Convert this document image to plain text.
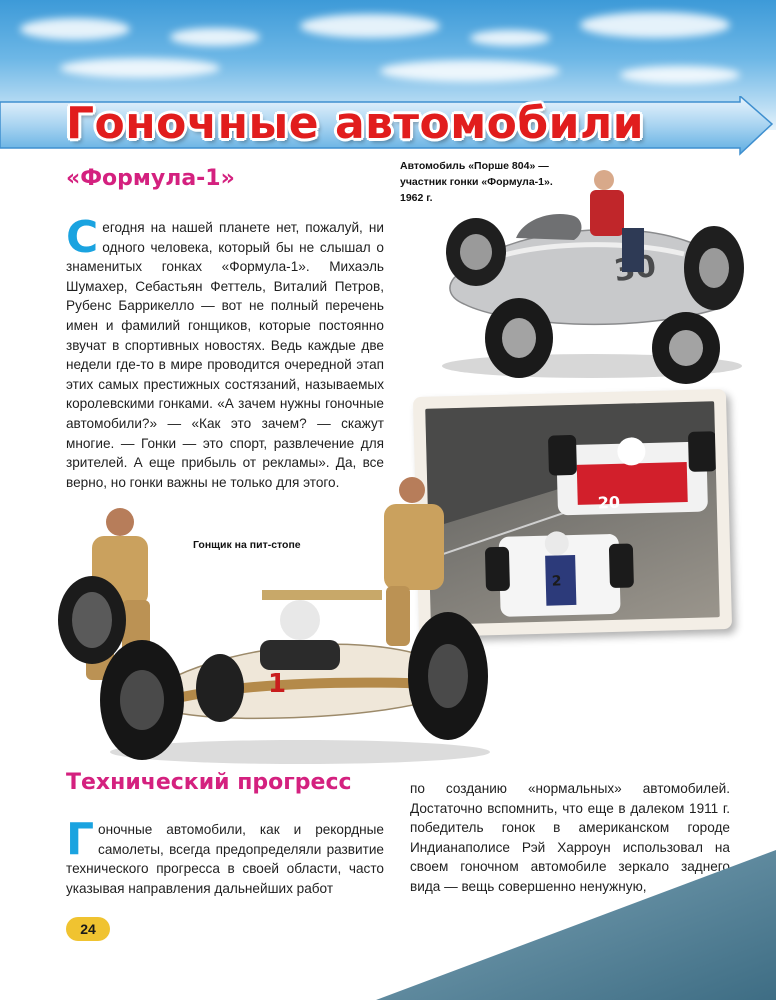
Гоночные автомобили
«Формула-1»
Сегодня на нашей планете нет, пожалуй, ни одного человека, который бы не слышал о знаменитых гонках «Формула-1». Михаэль Шумахер, Себастьян Феттель, Виталий Петров, Рубенс Баррикелло — вот не полный перечень имен и фамилий гонщиков, которые постоянно звучат в спортивных новостях. Ведь каждые две недели где-то в мире проводится очередной этап этих самых престижных состязаний, называемых королевскими гонками. «А зачем нужны гоночные автомобили?» — «Как это зачем? — скажут многие. — Гонки — это спорт, развлечение для зрителей. А еще прибыль от рекламы». Да, все верно, но гонки важны не только для этого.
Автомобиль «Порше 804» — участник гонки «Формула-1». 1962 г.
20
2
Гонщик на пит-стопе
1
Технический прогресс
Гоночные автомобили, как и рекордные самолеты, всегда предопределяли развитие технического прогресса в своей области, часто указывая направления дальнейших работ
по созданию «нормальных» автомобилей. Достаточно вспомнить, что еще в далеком 1911 г. победитель гонок в американском городе Индианаполисе Рэй Харроун использовал на своем гоночном автомобиле зеркало заднего вида — вещь совершенно ненужную,
24
